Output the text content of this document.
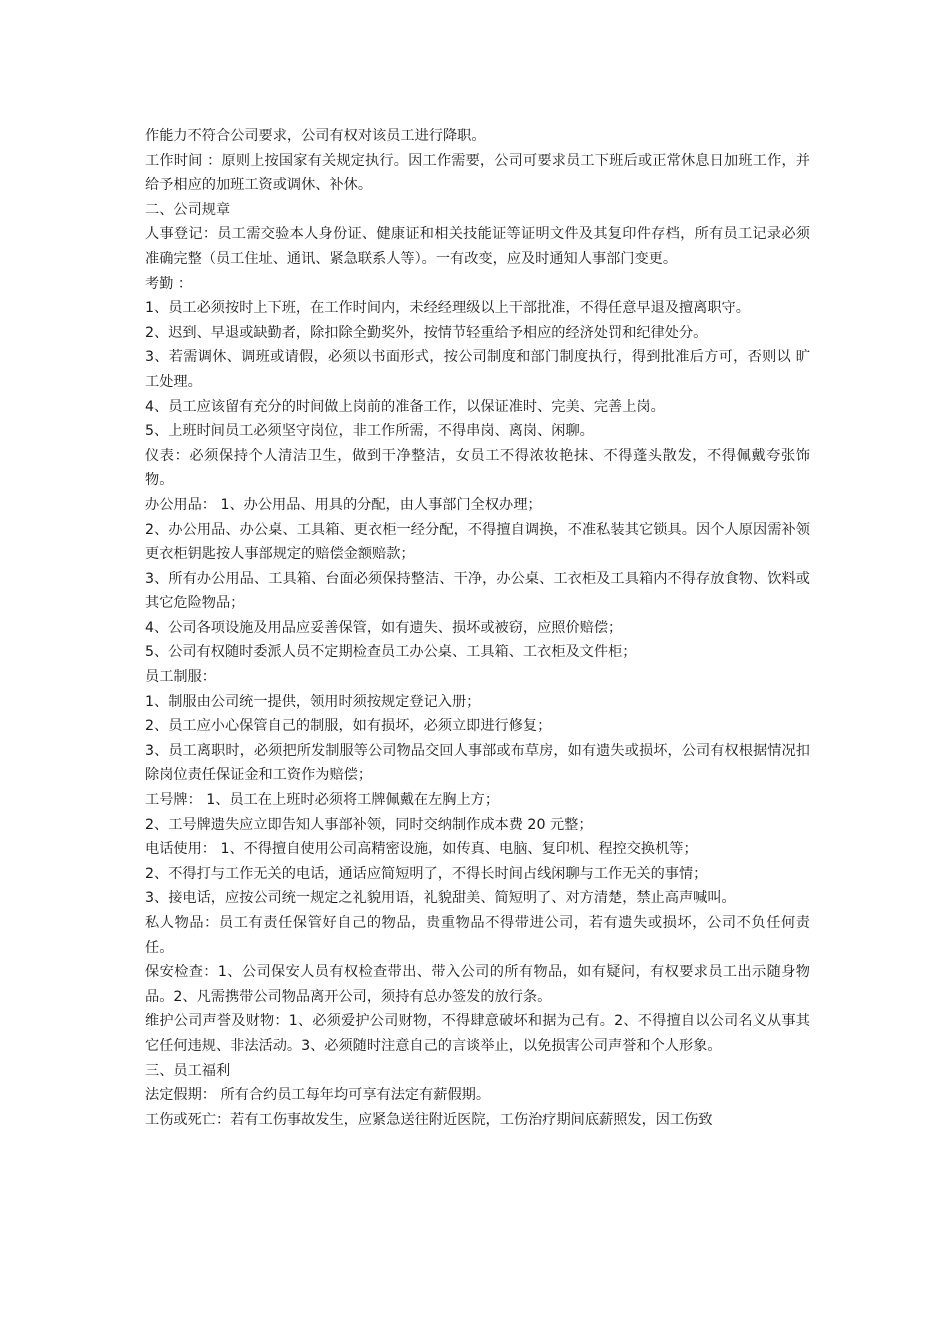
作能力不符合公司要求，公司有权对该员工进行降职。

工作时间 ：原则上按国家有关规定执行。因工作需要，公司可要求员工下班后或正常休息日加班工作，并给予相应的加班工资或调休、补休。

二、公司规章

人事登记：员工需交验本人身份证、健康证和相关技能证等证明文件及其复印件存档，所有员工记录必须准确完整（员工住址、通讯、紧急联系人等）。一有改变，应及时通知人事部门变更。

考勤 ：

1、员工必须按时上下班，在工作时间内，未经经理级以上干部批准，不得任意早退及擅离职守。

2、迟到、早退或缺勤者，除扣除全勤奖外，按情节轻重给予相应的经济处罚和纪律处分。

3、若需调休、调班或请假，必须以书面形式，按公司制度和部门制度执行，得到批准后方可，否则以 旷工处理。

4、员工应该留有充分的时间做上岗前的准备工作，以保证准时、完美、完善上岗。

5、上班时间员工必须坚守岗位，非工作所需，不得串岗、离岗、闲聊。

仪表：必须保持个人清洁卫生，做到干净整洁，女员工不得浓妆艳抹、不得蓬头散发，不得佩戴夸张饰物。

办公用品： 1、办公用品、用具的分配，由人事部门全权办理；

2、办公用品、办公桌、工具箱、更衣柜一经分配，不得擅自调换，不准私装其它锁具。因个人原因需补领更衣柜钥匙按人事部规定的赔偿金额赔款；

3、所有办公用品、工具箱、台面必须保持整洁、干净，办公桌、工衣柜及工具箱内不得存放食物、饮料或其它危险物品；

4、公司各项设施及用品应妥善保管，如有遗失、损坏或被窃，应照价赔偿；

5、公司有权随时委派人员不定期检查员工办公桌、工具箱、工衣柜及文件柜；

员工制服：

1、制服由公司统一提供，领用时须按规定登记入册；

2、员工应小心保管自己的制服，如有损坏，必须立即进行修复；

3、员工离职时，必须把所发制服等公司物品交回人事部或布草房，如有遗失或损坏，公司有权根据情况扣除岗位责任保证金和工资作为赔偿；

工号牌： 1、员工在上班时必须将工牌佩戴在左胸上方；

2、工号牌遗失应立即告知人事部补领，同时交纳制作成本费 20 元整；

电话使用： 1、不得擅自使用公司高精密设施，如传真、电脑、复印机、程控交换机等；

2、不得打与工作无关的电话，通话应简短明了，不得长时间占线闲聊与工作无关的事情；

3、接电话，应按公司统一规定之礼貌用语，礼貌甜美、简短明了、对方清楚，禁止高声喊叫。

私人物品：员工有责任保管好自己的物品，贵重物品不得带进公司，若有遗失或损坏，公司不负任何责任。

保安检查：1、公司保安人员有权检查带出、带入公司的所有物品，如有疑问，有权要求员工出示随身物品。2、凡需携带公司物品离开公司，须持有总办签发的放行条。

维护公司声誉及财物：1、必须爱护公司财物，不得肆意破坏和据为己有。2、不得擅自以公司名义从事其它任何违规、非法活动。3、必须随时注意自己的言谈举止，以免损害公司声誉和个人形象。

三、员工福利

法定假期： 所有合约员工每年均可享有法定有薪假期。

工伤或死亡：若有工伤事故发生，应紧急送往附近医院，工伤治疗期间底薪照发，因工伤致
